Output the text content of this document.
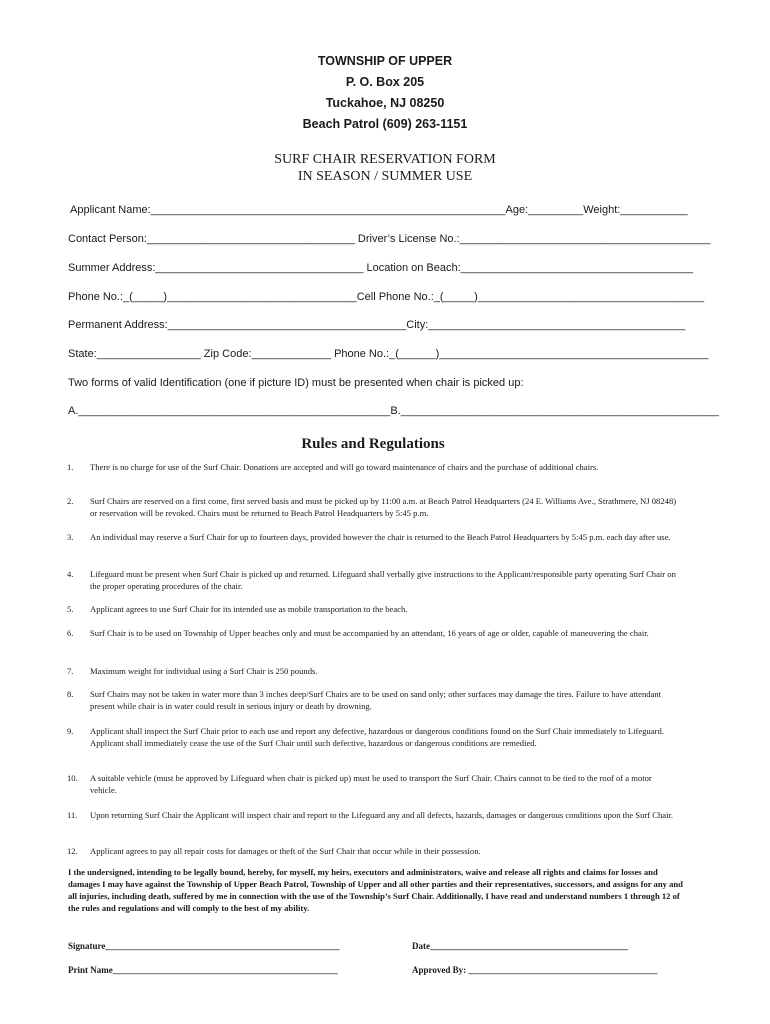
TOWNSHIP OF UPPER
P. O. Box 205
Tuckahoe, NJ 08250
Beach Patrol (609) 263-1151
SURF CHAIR RESERVATION FORM
IN SEASON / SUMMER USE
Applicant Name:__________________________________________________________Age:_________Weight:___________
Contact Person:__________________________________ Driver’s License No.:_________________________________________
Summer Address:__________________________________ Location on Beach:______________________________________
Phone No.:_(_____)_______________________________Cell Phone No.:_(_____)_____________________________________
Permanent Address:_______________________________________City:__________________________________________
State:_________________ Zip Code:_____________ Phone No.:_(______)____________________________________________
Two forms of valid Identification (one if picture ID) must be presented when chair is picked up:
A.___________________________________________________B.____________________________________________________
Rules and Regulations
1. There is no charge for use of the Surf Chair. Donations are accepted and will go toward maintenance of chairs and the purchase of additional chairs.
2. Surf Chairs are reserved on a first come, first served basis and must be picked up by 11:00 a.m. at Beach Patrol Headquarters (24 E. Williams Ave., Strathmere, NJ 08248) or reservation will be revoked. Chairs must be returned to Beach Patrol Headquarters by 5:45 p.m.
3. An individual may reserve a Surf Chair for up to fourteen days, provided however the chair is returned to the Beach Patrol Headquarters by 5:45 p.m. each day after use.
4. Lifeguard must be present when Surf Chair is picked up and returned. Lifeguard shall verbally give instructions to the Applicant/responsible party operating Surf Chair on the proper operating procedures of the chair.
5. Applicant agrees to use Surf Chair for its intended use as mobile transportation to the beach.
6. Surf Chair is to be used on Township of Upper beaches only and must be accompanied by an attendant, 16 years of age or older, capable of maneuvering the chair.
7. Maximum weight for individual using a Surf Chair is 250 pounds.
8. Surf Chairs may not be taken in water more than 3 inches deep/Surf Chairs are to be used on sand only; other surfaces may damage the tires. Failure to have attendant present while chair is in water could result in serious injury or death by drowning.
9. Applicant shall inspect the Surf Chair prior to each use and report any defective, hazardous or dangerous conditions found on the Surf Chair immediately to Lifeguard. Applicant shall immediately cease the use of the Surf Chair until such defective, hazardous or dangerous conditions are remedied.
10. A suitable vehicle (must be approved by Lifeguard when chair is picked up) must be used to transport the Surf Chair. Chairs cannot to be tied to the roof of a motor vehicle.
11. Upon returning Surf Chair the Applicant will inspect chair and report to the Lifeguard any and all defects, hazards, damages or dangerous conditions upon the Surf Chair.
12. Applicant agrees to pay all repair costs for damages or theft of the Surf Chair that occur while in their possession.
I the undersigned, intending to be legally bound, hereby, for myself, my heirs, executors and administrators, waive and release all rights and claims for losses and damages I may have against the Township of Upper Beach Patrol, Township of Upper and all other parties and their representatives, successors, and assigns for any and all injuries, including death, suffered by me in connection with the use of the Township’s Surf Chair. Additionally, I have read and understand numbers 1 through 12 of the rules and regulations and will comply to the best of my ability.
Signature____________________________________________________	Date____________________________________________
Print Name__________________________________________________	Approved By: __________________________________________
